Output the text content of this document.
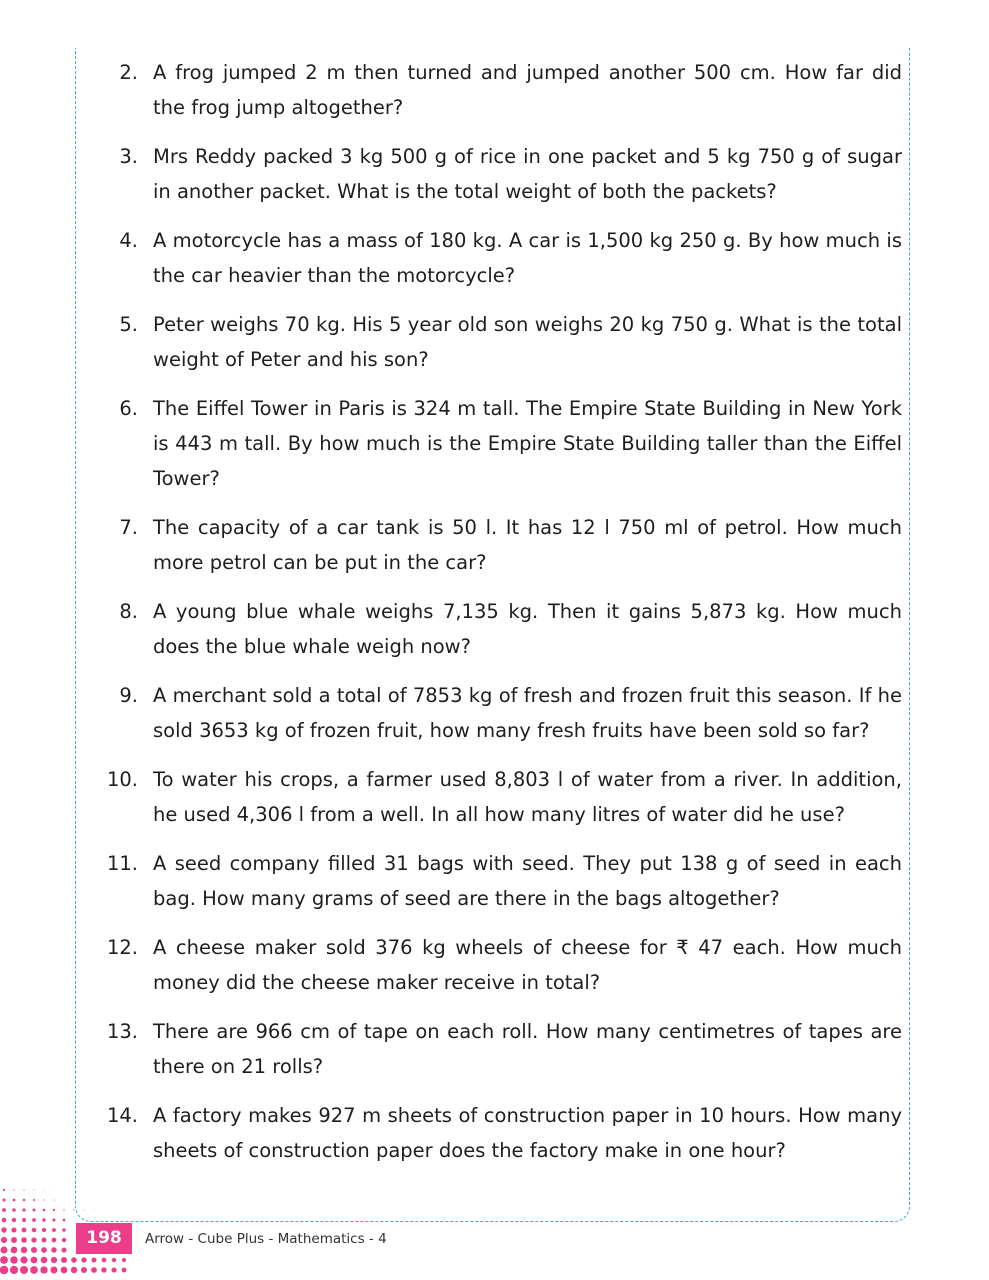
2. A frog jumped 2 m then turned and jumped another 500 cm. How far did the frog jump altogether?
3. Mrs Reddy packed 3 kg 500 g of rice in one packet and 5 kg 750 g of sugar in another packet. What is the total weight of both the packets?
4. A motorcycle has a mass of 180 kg. A car is 1,500 kg 250 g. By how much is the car heavier than the motorcycle?
5. Peter weighs 70 kg. His 5 year old son weighs 20 kg 750 g. What is the total weight of Peter and his son?
6. The Eiffel Tower in Paris is 324 m tall. The Empire State Building in New York is 443 m tall. By how much is the Empire State Building taller than the Eiffel Tower?
7. The capacity of a car tank is 50 l. It has 12 l 750 ml of petrol. How much more petrol can be put in the car?
8. A young blue whale weighs 7,135 kg. Then it gains 5,873 kg. How much does the blue whale weigh now?
9. A merchant sold a total of 7853 kg of fresh and frozen fruit this season. If he sold 3653 kg of frozen fruit, how many fresh fruits have been sold so far?
10. To water his crops, a farmer used 8,803 l of water from a river. In addition, he used 4,306 l from a well. In all how many litres of water did he use?
11. A seed company filled 31 bags with seed. They put 138 g of seed in each bag. How many grams of seed are there in the bags altogether?
12. A cheese maker sold 376 kg wheels of cheese for ₹ 47 each. How much money did the cheese maker receive in total?
13. There are 966 cm of tape on each roll. How many centimetres of tapes are there on 21 rolls?
14. A factory makes 927 m sheets of construction paper in 10 hours. How many sheets of construction paper does the factory make in one hour?
198	Arrow - Cube Plus - Mathematics - 4
